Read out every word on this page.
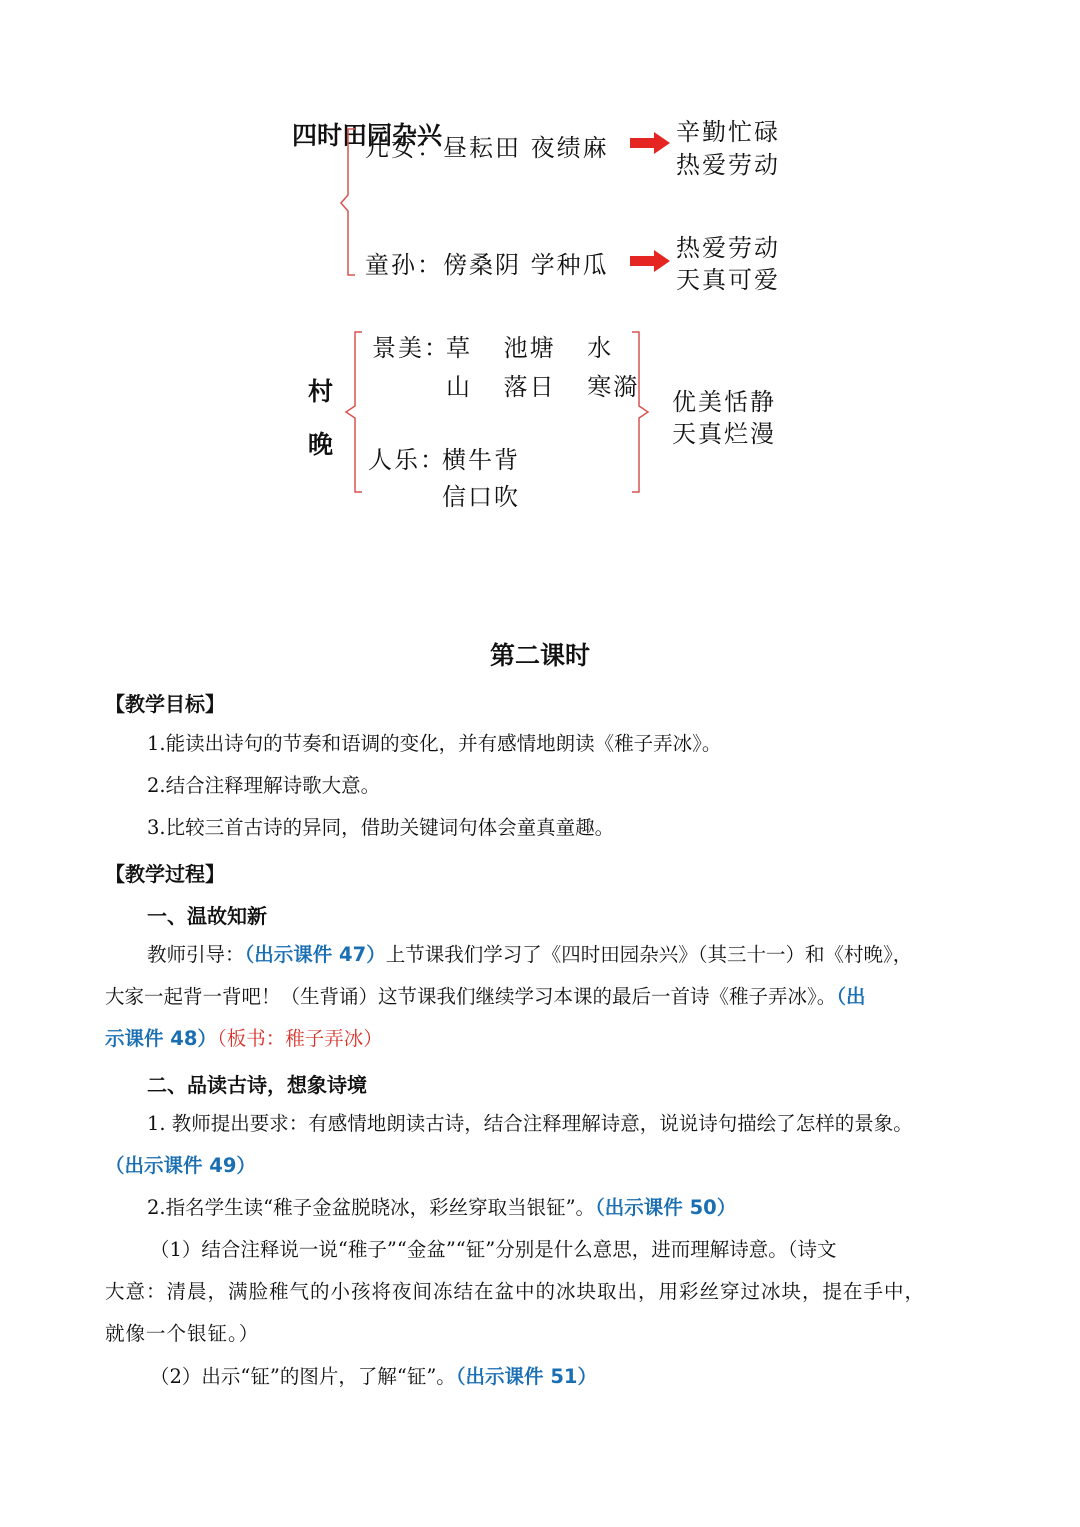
四时田园杂兴
儿女：昼耘田 夜绩麻
辛勤忙碌
热爱劳动
童孙：傍桑阴 学种瓜
热爱劳动
天真可爱
村
晚
景美：
草 池塘 水
山 落日 寒漪
人乐：
横牛背
信口吹
优美恬静
天真烂漫
第二课时
【教学目标】
1.能读出诗句的节奏和语调的变化，并有感情地朗读《稚子弄冰》。
2.结合注释理解诗歌大意。
3.比较三首古诗的异同，借助关键词句体会童真童趣。
【教学过程】
一、温故知新
教师引导：（出示课件 47）上节课我们学习了《四时田园杂兴》（其三十一）和《村晚》，
大家一起背一背吧！（生背诵）这节课我们继续学习本课的最后一首诗《稚子弄冰》。（出
示课件 48）（板书：稚子弄冰）
二、品读古诗，想象诗境
1. 教师提出要求：有感情地朗读古诗，结合注释理解诗意，说说诗句描绘了怎样的景象。
（出示课件 49）
2.指名学生读“稚子金盆脱晓冰，彩丝穿取当银钲”。（出示课件 50）
（1）结合注释说一说“稚子”“金盆”“钲”分别是什么意思，进而理解诗意。（诗文
大意：清晨，满脸稚气的小孩将夜间冻结在盆中的冰块取出，用彩丝穿过冰块，提在手中，
就像一个银钲。）
（2）出示“钲”的图片，了解“钲”。（出示课件 51）
